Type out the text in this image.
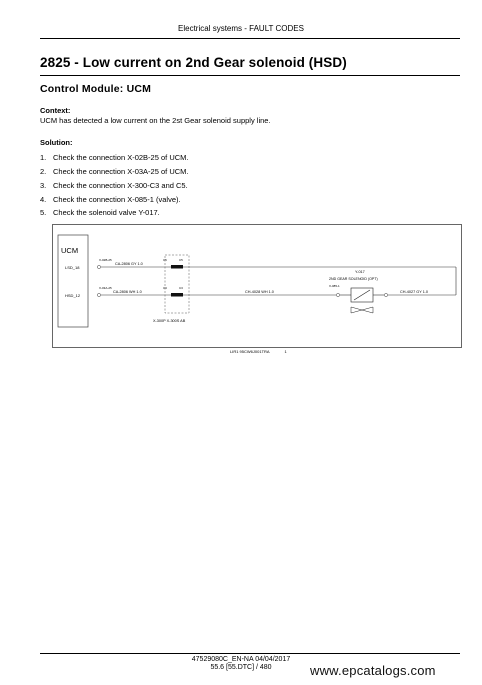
Electrical systems - FAULT CODES
2825 - Low current on 2nd Gear solenoid (HSD)
Control Module: UCM
Context:
UCM has detected a low current on the 2st Gear solenoid supply line.
Solution:
1. Check the connection X-02B-25 of UCM.
2. Check the connection X-03A-25 of UCM.
3. Check the connection X-300-C3 and C5.
4. Check the connection X-085-1 (valve).
5. Check the solenoid valve Y-017.
UCM
LSD_18
HSD_12
X-02B-25
CA-2806 GY 1.0
C5	C5
X-03A-25
CA-2806 WH 1.0
C3	C3
CH-4028 WH 1.0
X-300P X-300S AB
Y-017
2ND GEAR SOLENOID (OPT)
X-085-1
CH-4027 GY 1.0
LIR1 95CW6J001TRA	1
47529080C_EN-NA 04/04/2017
55.6 [55.DTC] / 480	www.epcatalogs.com
